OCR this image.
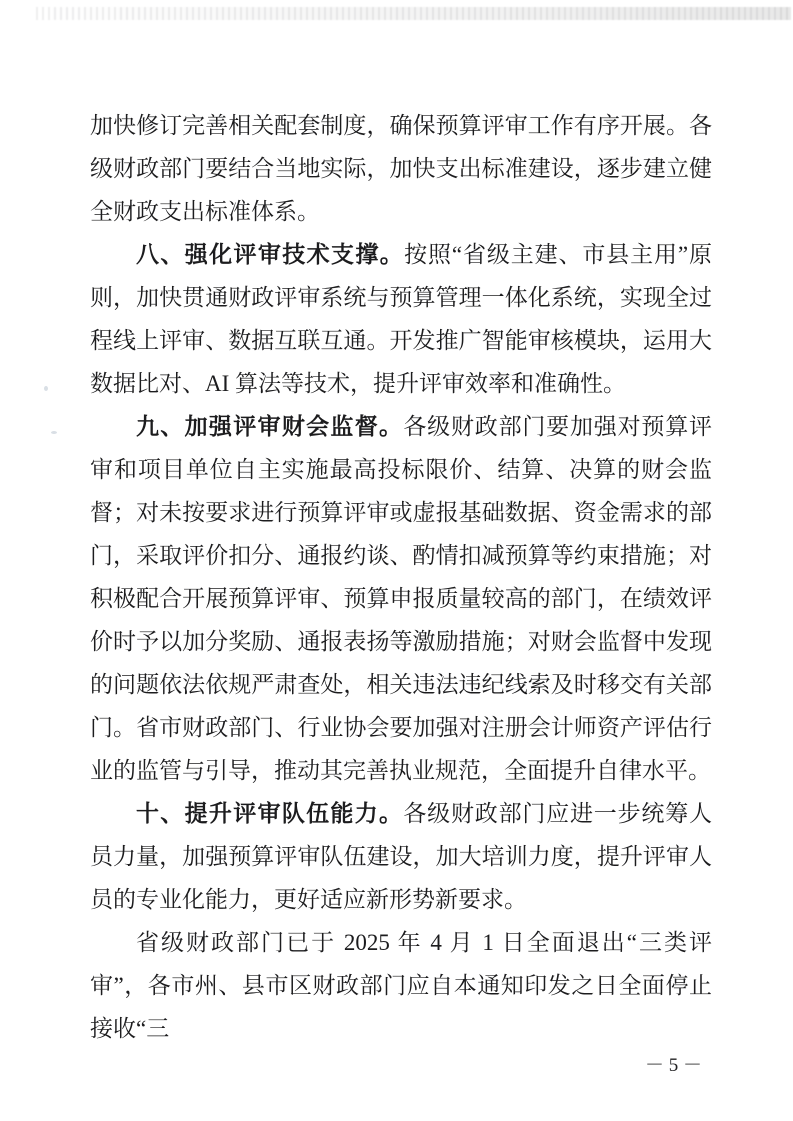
加快修订完善相关配套制度，确保预算评审工作有序开展。各级财政部门要结合当地实际，加快支出标准建设，逐步建立健全财政支出标准体系。

八、强化评审技术支撑。按照“省级主建、市县主用”原则，加快贯通财政评审系统与预算管理一体化系统，实现全过程线上评审、数据互联互通。开发推广智能审核模块，运用大数据比对、AI 算法等技术，提升评审效率和准确性。

九、加强评审财会监督。各级财政部门要加强对预算评审和项目单位自主实施最高投标限价、结算、决算的财会监督；对未按要求进行预算评审或虚报基础数据、资金需求的部门，采取评价扣分、通报约谈、酌情扣减预算等约束措施；对积极配合开展预算评审、预算申报质量较高的部门，在绩效评价时予以加分奖励、通报表扬等激励措施；对财会监督中发现的问题依法依规严肃查处，相关违法违纪线索及时移交有关部门。省市财政部门、行业协会要加强对注册会计师资产评估行业的监管与引导，推动其完善执业规范，全面提升自律水平。

十、提升评审队伍能力。各级财政部门应进一步统筹人员力量，加强预算评审队伍建设，加大培训力度，提升评审人员的专业化能力，更好适应新形势新要求。

省级财政部门已于 2025 年 4 月 1 日全面退出“三类评审”，各市州、县市区财政部门应自本通知印发之日全面停止接收“三

－ 5 －
